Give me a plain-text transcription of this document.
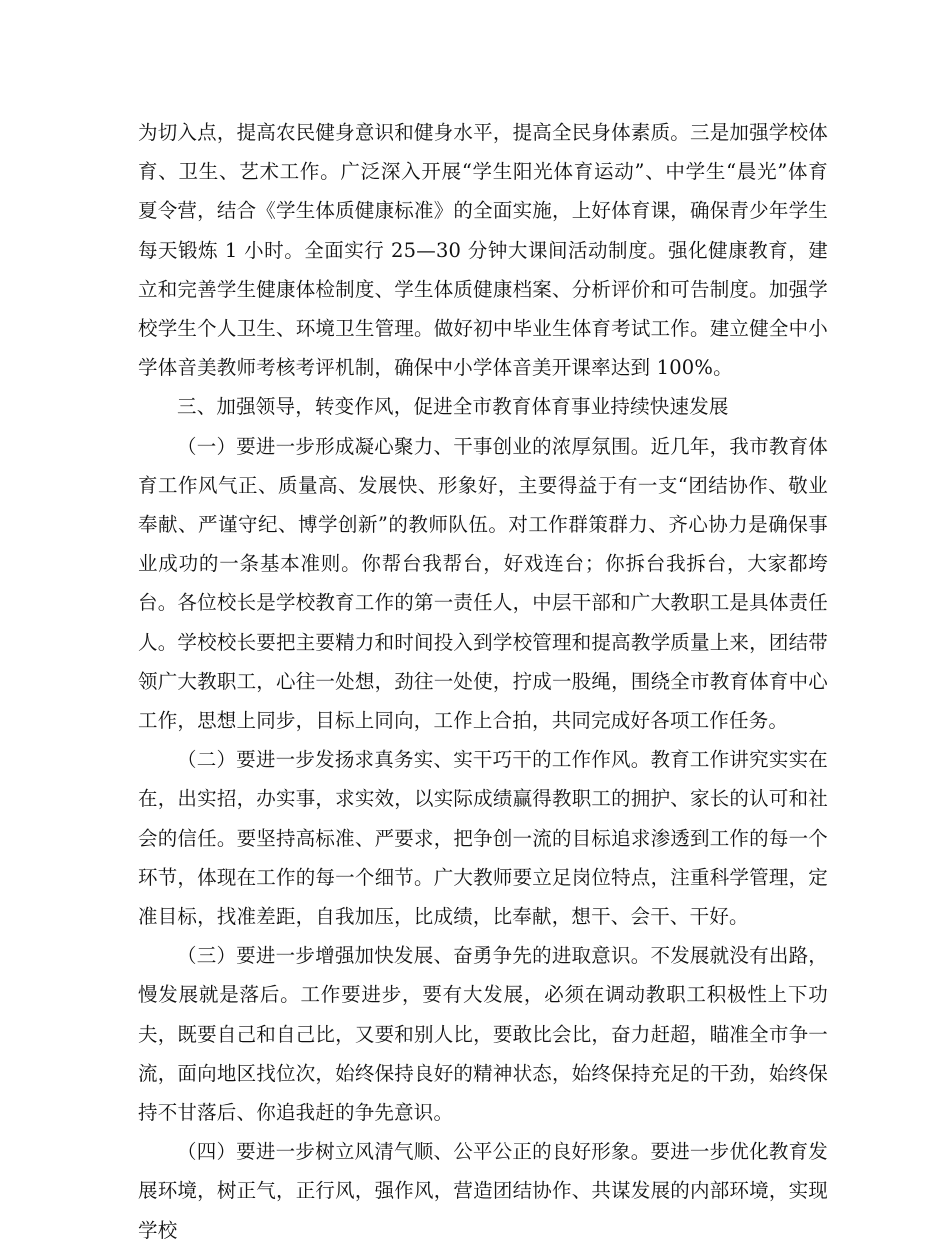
为切入点，提高农民健身意识和健身水平，提高全民身体素质。三是加强学校体育、卫生、艺术工作。广泛深入开展“学生阳光体育运动”、中学生“晨光”体育夏令营，结合《学生体质健康标准》的全面实施，上好体育课，确保青少年学生每天锻炼 1 小时。全面实行 25—30 分钟大课间活动制度。强化健康教育，建立和完善学生健康体检制度、学生体质健康档案、分析评价和可告制度。加强学校学生个人卫生、环境卫生管理。做好初中毕业生体育考试工作。建立健全中小学体音美教师考核考评机制，确保中小学体音美开课率达到 100%。

三、加强领导，转变作风，促进全市教育体育事业持续快速发展

（一）要进一步形成凝心聚力、干事创业的浓厚氛围。近几年，我市教育体育工作风气正、质量高、发展快、形象好，主要得益于有一支“团结协作、敬业奉献、严谨守纪、博学创新”的教师队伍。对工作群策群力、齐心协力是确保事业成功的一条基本准则。你帮台我帮台，好戏连台；你拆台我拆台，大家都垮台。各位校长是学校教育工作的第一责任人，中层干部和广大教职工是具体责任人。学校校长要把主要精力和时间投入到学校管理和提高教学质量上来，团结带领广大教职工，心往一处想，劲往一处使，拧成一股绳，围绕全市教育体育中心工作，思想上同步，目标上同向，工作上合拍，共同完成好各项工作任务。

（二）要进一步发扬求真务实、实干巧干的工作作风。教育工作讲究实实在在，出实招，办实事，求实效，以实际成绩赢得教职工的拥护、家长的认可和社会的信任。要坚持高标准、严要求，把争创一流的目标追求渗透到工作的每一个环节，体现在工作的每一个细节。广大教师要立足岗位特点，注重科学管理，定准目标，找准差距，自我加压，比成绩，比奉献，想干、会干、干好。

（三）要进一步增强加快发展、奋勇争先的进取意识。不发展就没有出路，慢发展就是落后。工作要进步，要有大发展，必须在调动教职工积极性上下功夫，既要自己和自己比，又要和别人比，要敢比会比，奋力赶超，瞄准全市争一流，面向地区找位次，始终保持良好的精神状态，始终保持充足的干劲，始终保持不甘落后、你追我赶的争先意识。

（四）要进一步树立风清气顺、公平公正的良好形象。要进一步优化教育发展环境，树正气，正行风，强作风，营造团结协作、共谋发展的内部环境，实现学校
